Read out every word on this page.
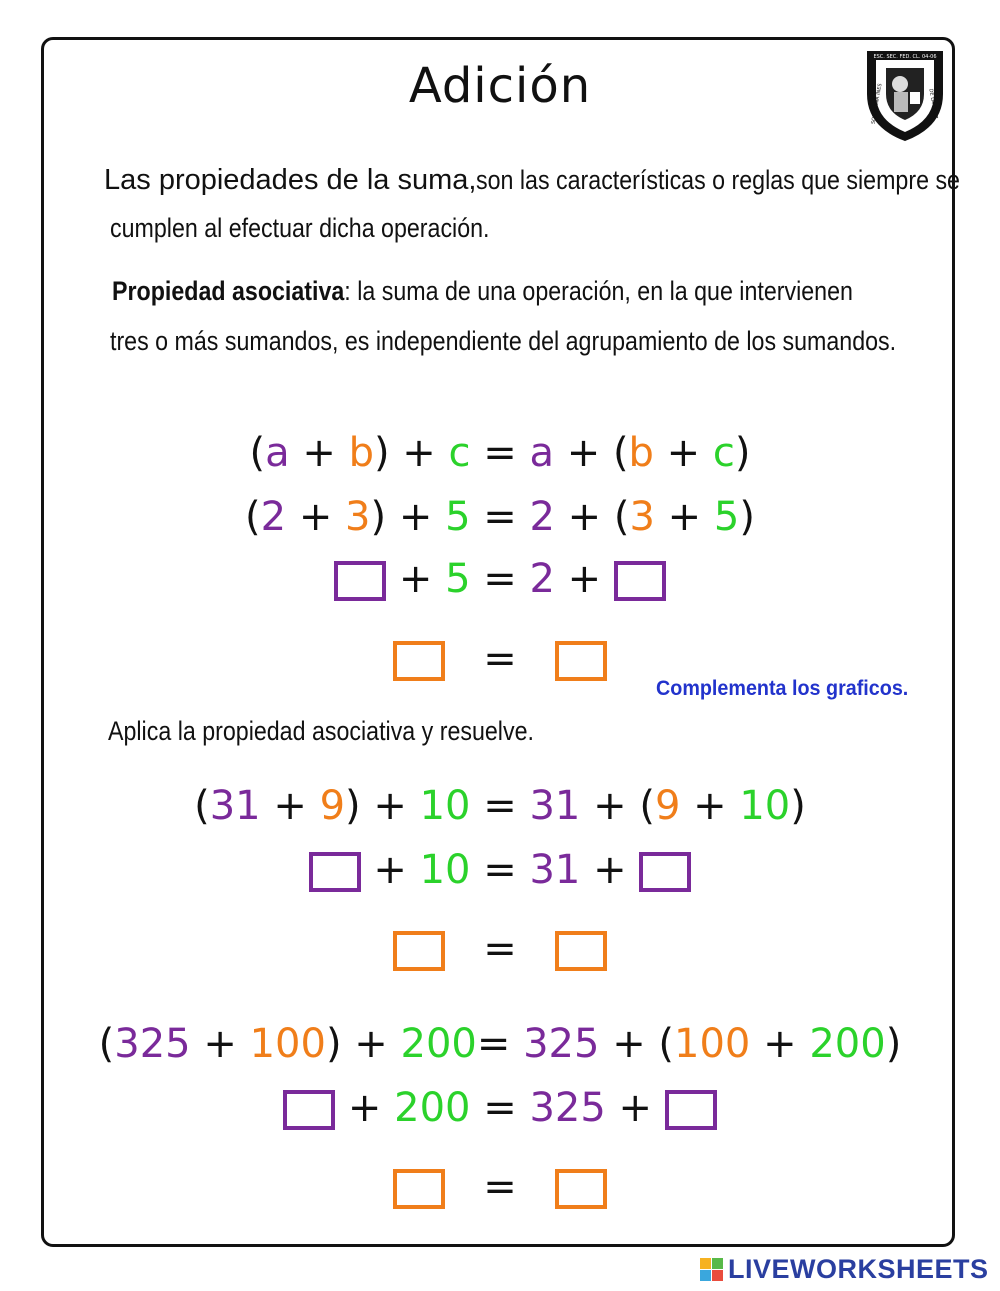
Adición
ESC. SEC. FED. CL. 04-06
SOR JUANA INES	DE LA CRUZ
Las propiedades de la suma,son las características o reglas que siempre se
cumplen al efectuar dicha operación.
Propiedad asociativa: la suma de una operación, en la que intervienen
tres o más sumandos, es independiente del agrupamiento de los sumandos.
(a + b) + c = a + (b + c)
(2 + 3) + 5 = 2 + (3 + 5)
+ 5 = 2 +
=
Complementa los graficos.
Aplica la propiedad asociativa y resuelve.
(31 + 9) + 10 = 31 + (9 + 10)
+ 10 = 31 +
=
(325 + 100) + 200= 325 + (100 + 200)
+ 200 = 325 +
=
LIVEWORKSHEETS
